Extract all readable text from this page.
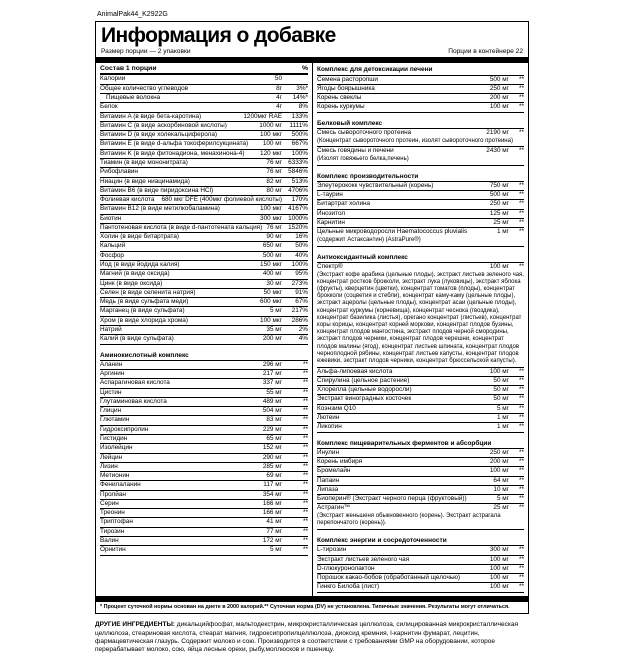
AnimalPak44_K2922G
Информация о добавке
Размер порции — 2 упаковки	Порции в контейнере 22
Состав 1 порции	%
Калории	50
Общее количество углеводов	8г	3%*
Пищевые волокна	4г	14%*
Белок	4г	8%
Витамин A (в виде бета-каротина)	1200мкг RAE	133%
Витамин C (в виде аскорбиновой кислоты)	1000 мг	1111%
Витамин D (в виде холекальциферола)	100 мкг	500%
Витамин E (в виде d-альфа токоферилсукцината)	100 мг	667%
Витамин K (в виде фитонадиона, менахинона-4)	120 мкг	100%
Тиамин (в виде мононитрата)	76 мг 6333%
Рибофлавин	76 мг 5846%
Ниацин (в виде ниацинамида)	82 мг	513%
Витамин B6 (в виде пиридоксина HCl)	80 мг 4706%
Фолиевая кислота	680 мкг DFE (400мкг фолиевой кислоты)	170%
Витамин B12 (в виде метилкобаламина)	100 мкг 4167%
Биотин	300 мкг 1000%
Пантотеновая кислота (в виде d-пантотената кальция) 76 мг 1520%
Холин (в виде битартрата)	90 мг	16%
Кальций	650 мг	50%
Фосфор	500 мг	40%
Йод (в виде йодида калия)	150 мкг	100%
Магний (в виде оксида)	400 мг	95%
Цинк (в виде оксида)	30 мг	273%
Селен (в виде селенита натрия)	50 мкг	91%
Медь (в виде сульфата меди)	600 мкг	67%
Марганец (в виде сульфата)	5 мг	217%
Хром (в виде хлорида хрома)	100 мкг	286%
Натрий	35 мг	2%
Калий (в виде сульфата)	200 мг	4%
Аминокислотный комплекс
Аланин	296 мг	**
Аргинин	217 мг	**
Аспарагиновая кислота	337 мг	**
Цистин	55 мг	**
Глутаминовая кислота	489 мг	**
Глицин	504 мг	**
Глютамин	83 мг	**
Гидроксипролин	229 мг	**
Гистидин	65 мг	**
Изолейцин	152 мг	**
Лейцин	290 мг	**
Лизин	285 мг	**
Метионин	69 мг	**
Фенилаланин	117 мг	**
Пролйан	354 мг	**
Серин	166 мг	**
Треонин	166 мг	**
Триптофан	41 мг	**
Тирозин	77 мг	**
Валин	172 мг	**
Орнитин	5 мг	**
Комплекс для детоксикации печени
Семена расторопши	500 мг	**
Ягоды боярышника	250 мг	**
Корень свеклы	200 мг	**
Корень куркумы	100 мг	**
Белковый комплекс
Смесь сывороточного протеина	2190 мг	**
(Концентрат сывороточного протеин, изолят сывороточного протеина)
Смесь говядины и печени	2430 мг	**
(Изолят говяжьего белка,печень)
Комплекс производительности
Элеутерококк чувствительный (корень)	750 мг	**
L-таурин	500 мг	**
Битартрат холина	250 мг	**
Инозитол	125 мг	**
Карнитин	25 мг	**
Цельные микроводоросли Haematococcus pluvialis	1 мг	**
(содержит Астаксантин) (AstraPure®)
Антиоксидантный комплекс
Спектр®	100 мг	**
(Экстракт кофе арабика (цельные плоды), экстракт листьев зеленого чая, концентрат ростков брокколи, экстракт лука (луковицы), экстракт яблока (фрукты), кверцетин (цветки), концентрат томатов (плоды), концентрат брокколи (соцветия и стебли), концентрат каму-каму (цельные плоды), экстракт ацеролы (цельные плоды), концентрат асаи (цельные плоды), концентрат куркумы (корневища), концентрат чеснока (гвоздика), концентрат базилика (листья), орегано концентрат (листьев), концентрат коры корицы, концентрат корней моркови, концентрат плодов бузины, концентрат плодов мангостина, экстракт плодов черной смородины, экстракт плодов черники, концентрат плодов черешни, концентрат плодов малины (ягод), концентрат листьев шпината, концентрат плодов черноплодной рябины, концентрат листьев капусты, концентрат плодов ежевики, экстракт плодов черники, концентрат брюссельской капусты).
Альфа-липоевая кислота	100 мг	**
Спирулина (цельное растение)	50 мг	**
Хлорелла (цельные водоросли)	50 мг	**
Экстракт виноградных косточек	50 мг	**
Коэнзим Q10	5 мг	**
Лютеин	1 мг	**
Ликопин	1 мг	**
Комплекс пищеварительных ферментов и абсорбции
Инулин	250 мг	**
Корень имбиря	200 мг	**
Бромелайн	100 мг	**
Папаин	64 мг	**
Липаза	10 мг	**
Биоперин® (Экстракт черного перца (фруктовый))	5 мг	**
Астрагин™	25 мг	**
(Экстракт женьшеня обыкновенного (корень). Экстракт астрагала перепончатого (корень)).
Комплекс энергии и сосредоточенности
L-тирозин	300 мг	**
Экстракт листьев зеленого чая	100 мг	**
D-глюкуронолактон	100 мг	**
Порошок какао-бобов (обработанный щелочью)	100 мг	**
Гинкго Билоба (лист)	100 мг	**
* Процент суточной нормы основан на диете в 2000 калорий.** Суточная норма (DV) не установлена. Типичные значения. Результаты могут отличаться.
ДРУГИЕ ИНГРЕДИЕНТЫ: дикальцийфосфат, мальтодекстрин, микрокристаллическая целлюлоза, силицированная микрокристаллическая целлюлоза, стеариновая кислота, стеарат магния, гидроксипропилцеллюлоза, диоксид кремния, l-карнитин фумарат, лецитин, фармацевтическая глазурь. Содержит молоко и сою. Производится в соответствии с требованиями GMP на оборудовании, которое перерабатывает молоко, сою, яйца лесные орехи, рыбу,моллюсков и пшеницу.
